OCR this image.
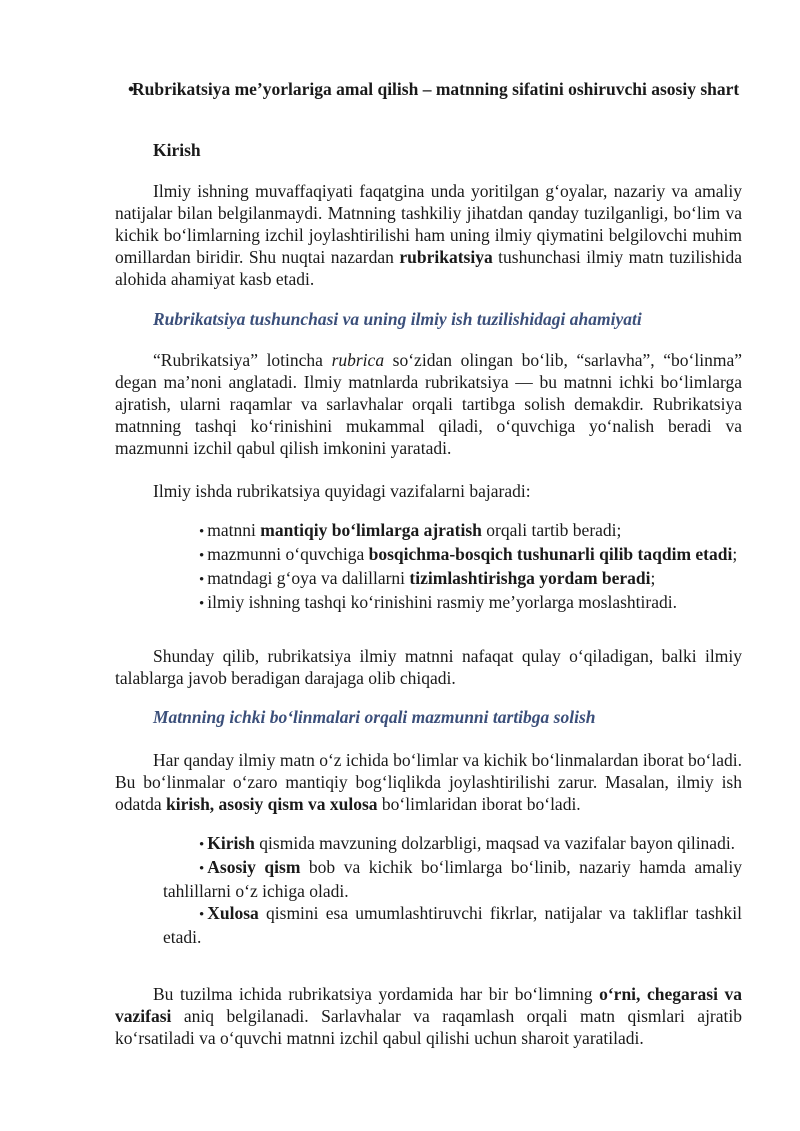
•
Rubrikatsiya me’yorlariga amal qilish – matnning sifatini oshiruvchi asosiy shart

Kirish

Ilmiy ishning muvaffaqiyati faqatgina unda yoritilgan g‘oyalar, nazariy va amaliy natijalar bilan belgilanmaydi. Matnning tashkiliy jihatdan qanday tuzilganligi, bo‘lim va kichik bo‘limlarning izchil joylashtirilishi ham uning ilmiy qiymatini belgilovchi muhim omillardan biridir. Shu nuqtai nazardan rubrikatsiya tushunchasi ilmiy matn tuzilishida alohida ahamiyat kasb etadi.

Rubrikatsiya tushunchasi va uning ilmiy ish tuzilishidagi ahamiyati

“Rubrikatsiya” lotincha rubrica so‘zidan olingan bo‘lib, “sarlavha”, “bo‘linma” degan ma’noni anglatadi. Ilmiy matnlarda rubrikatsiya — bu matnni ichki bo‘limlarga ajratish, ularni raqamlar va sarlavhalar orqali tartibga solish demakdir. Rubrikatsiya matnning tashqi ko‘rinishini mukammal qiladi, o‘quvchiga yo‘nalish beradi va mazmunni izchil qabul qilish imkonini yaratadi.

Ilmiy ishda rubrikatsiya quyidagi vazifalarni bajaradi:

• matnni mantiqiy bo‘limlarga ajratish orqali tartib beradi;
• mazmunni o‘quvchiga bosqichma-bosqich tushunarli qilib taqdim etadi;
• matndagi g‘oya va dalillarni tizimlashtirishga yordam beradi;
• ilmiy ishning tashqi ko‘rinishini rasmiy me’yorlarga moslashtiradi.

Shunday qilib, rubrikatsiya ilmiy matnni nafaqat qulay o‘qiladigan, balki ilmiy talablarga javob beradigan darajaga olib chiqadi.

Matnning ichki bo‘linmalari orqali mazmunni tartibga solish

Har qanday ilmiy matn o‘z ichida bo‘limlar va kichik bo‘linmalardan iborat bo‘ladi. Bu bo‘linmalar o‘zaro mantiqiy bog‘liqlikda joylashtirilishi zarur. Masalan, ilmiy ish odatda kirish, asosiy qism va xulosa bo‘limlaridan iborat bo‘ladi.

• Kirish qismida mavzuning dolzarbligi, maqsad va vazifalar bayon qilinadi.
• Asosiy qism bob va kichik bo‘limlarga bo‘linib, nazariy hamda amaliy tahlillarni o‘z ichiga oladi.
• Xulosa qismini esa umumlashtiruvchi fikrlar, natijalar va takliflar tashkil etadi.

Bu tuzilma ichida rubrikatsiya yordamida har bir bo‘limning o‘rni, chegarasi va vazifasi aniq belgilanadi. Sarlavhalar va raqamlash orqali matn qismlari ajratib ko‘rsatiladi va o‘quvchi matnni izchil qabul qilishi uchun sharoit yaratiladi.
